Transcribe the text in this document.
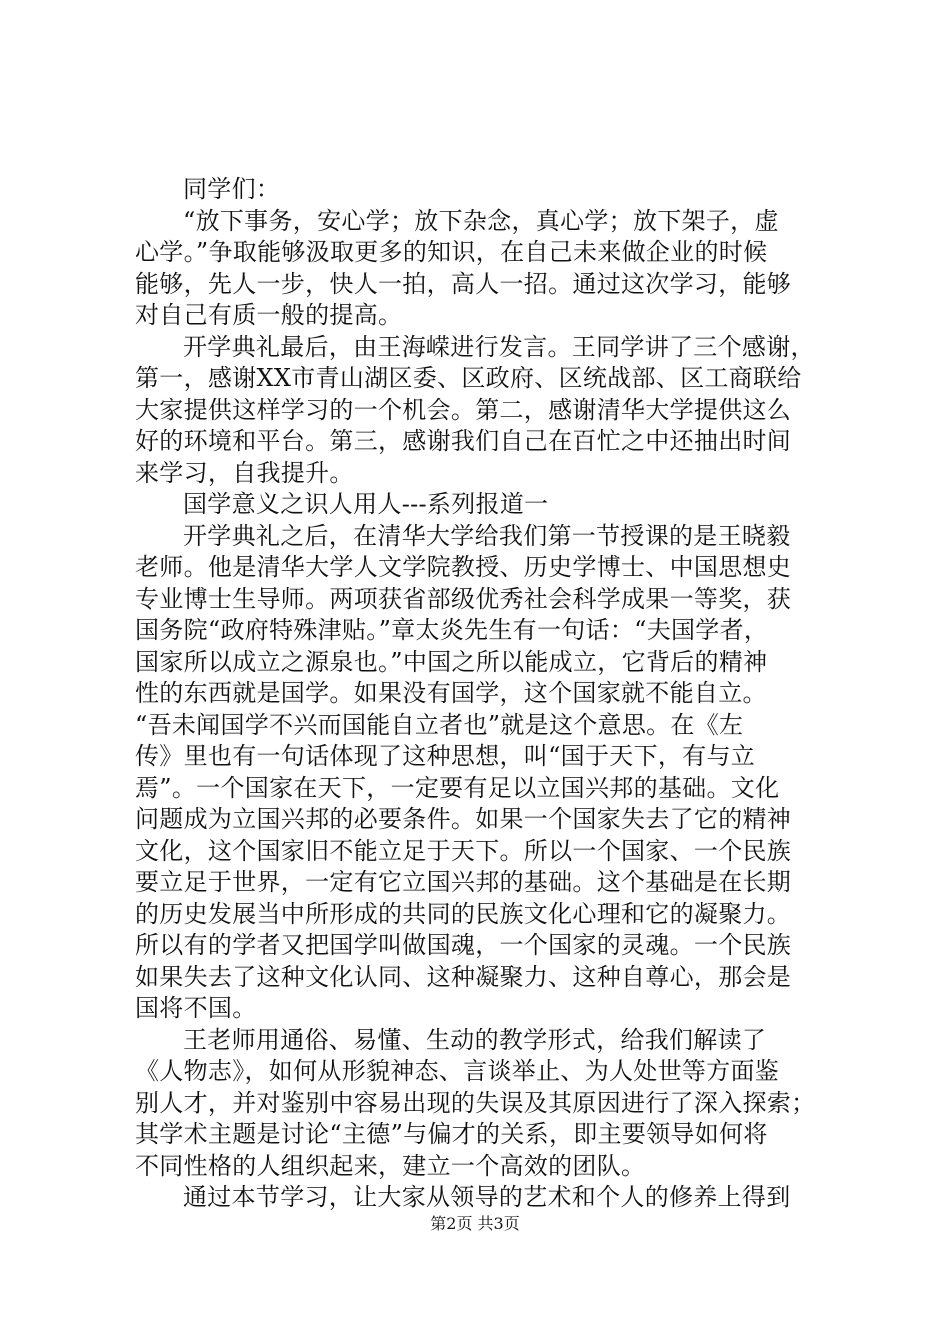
同学们：
“放下事务，安心学；放下杂念，真心学；放下架子，虚
心学。”争取能够汲取更多的知识，在自己未来做企业的时候
能够，先人一步，快人一拍，高人一招。通过这次学习，能够
对自己有质一般的提高。
开学典礼最后，由王海嵘进行发言。王同学讲了三个感谢，
第一，感谢XX市青山湖区委、区政府、区统战部、区工商联给
大家提供这样学习的一个机会。第二，感谢清华大学提供这么
好的环境和平台。第三，感谢我们自己在百忙之中还抽出时间
来学习，自我提升。
国学意义之识人用人---系列报道一
开学典礼之后，在清华大学给我们第一节授课的是王晓毅
老师。他是清华大学人文学院教授、历史学博士、中国思想史
专业博士生导师。两项获省部级优秀社会科学成果一等奖，获
国务院“政府特殊津贴。”章太炎先生有一句话：“夫国学者，
国家所以成立之源泉也。”中国之所以能成立，它背后的精神
性的东西就是国学。如果没有国学，这个国家就不能自立。
“吾未闻国学不兴而国能自立者也”就是这个意思。在《左
传》里也有一句话体现了这种思想，叫“国于天下，有与立
焉”。一个国家在天下，一定要有足以立国兴邦的基础。文化
问题成为立国兴邦的必要条件。如果一个国家失去了它的精神
文化，这个国家旧不能立足于天下。所以一个国家、一个民族
要立足于世界，一定有它立国兴邦的基础。这个基础是在长期
的历史发展当中所形成的共同的民族文化心理和它的凝聚力。
所以有的学者又把国学叫做国魂，一个国家的灵魂。一个民族
如果失去了这种文化认同、这种凝聚力、这种自尊心，那会是
国将不国。
王老师用通俗、易懂、生动的教学形式，给我们解读了
《人物志》，如何从形貌神态、言谈举止、为人处世等方面鉴
别人才，并对鉴别中容易出现的失误及其原因进行了深入探索；
其学术主题是讨论“主德”与偏才的关系，即主要领导如何将
不同性格的人组织起来，建立一个高效的团队。
通过本节学习，让大家从领导的艺术和个人的修养上得到
第2页 共3页
